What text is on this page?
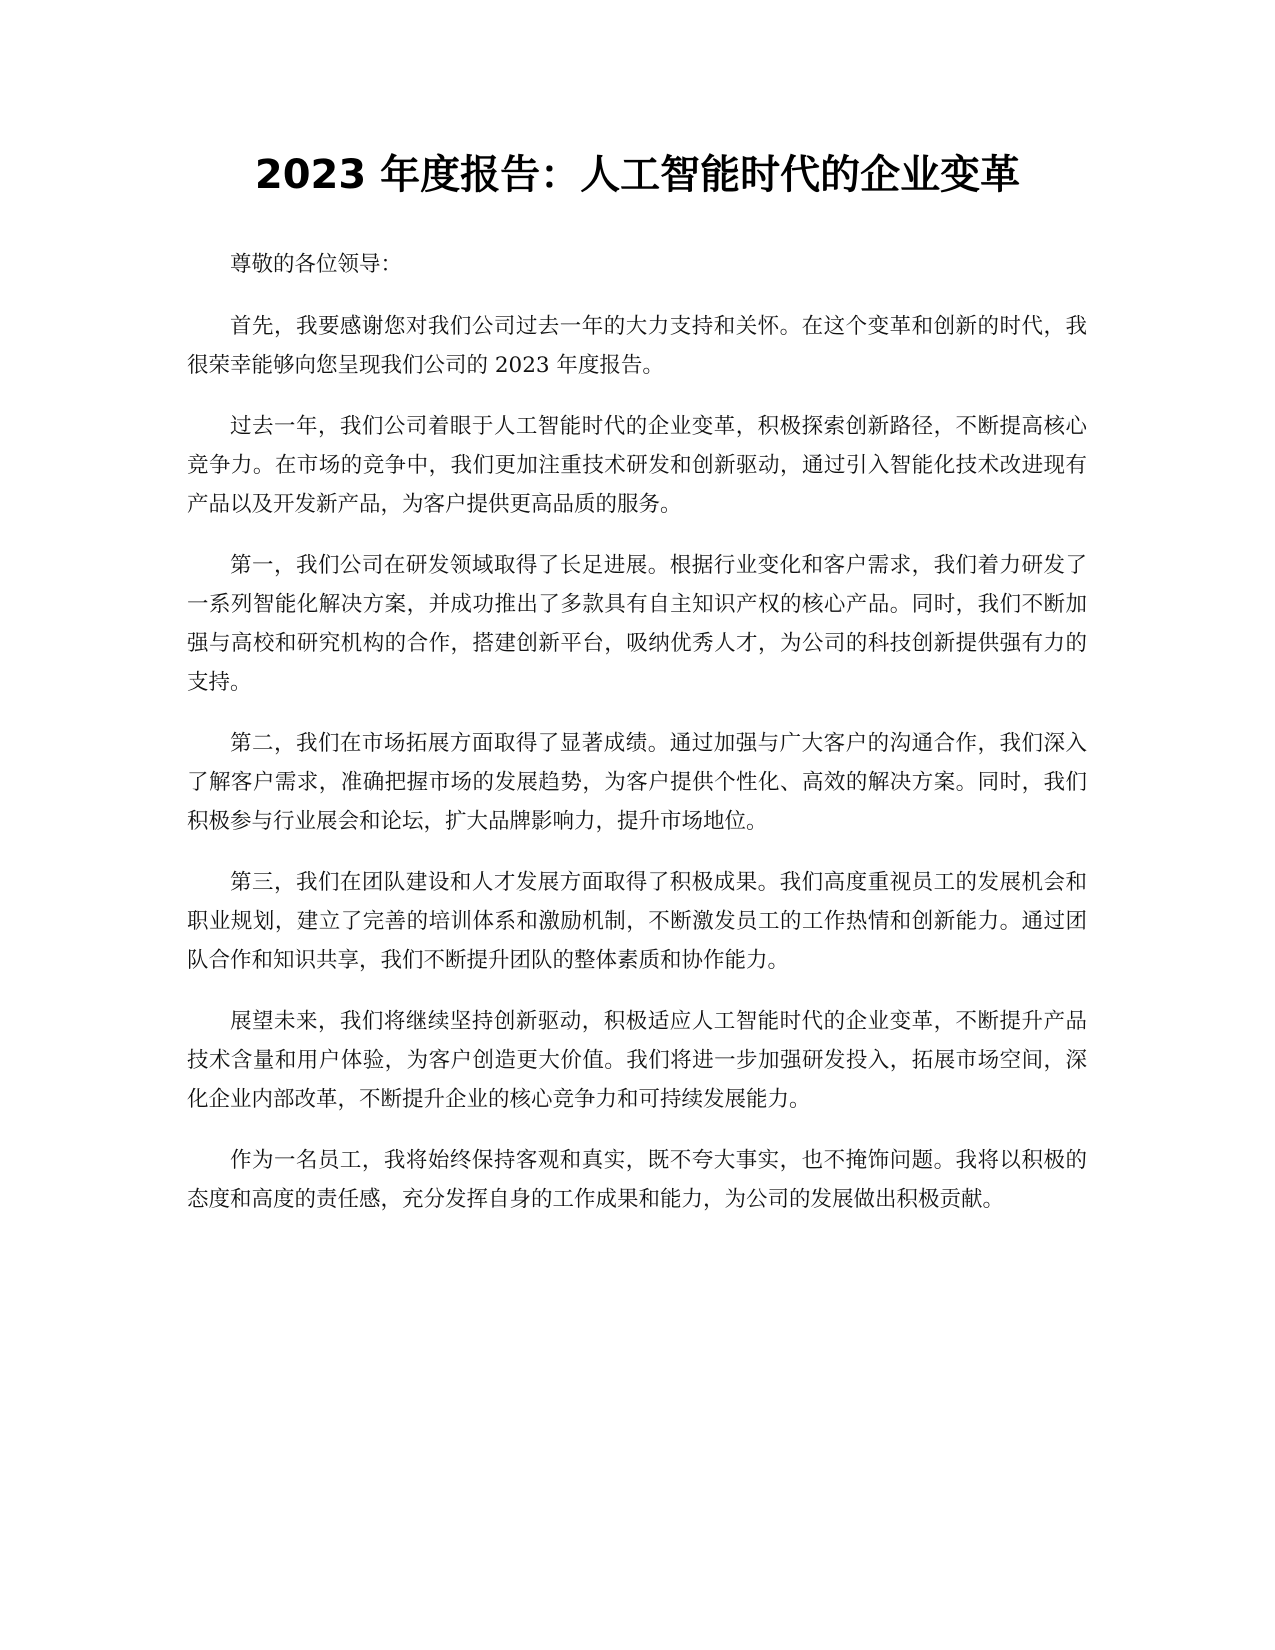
2023 年度报告：人工智能时代的企业变革

尊敬的各位领导：

首先，我要感谢您对我们公司过去一年的大力支持和关怀。在这个变革和创新的时代，我很荣幸能够向您呈现我们公司的 2023 年度报告。

过去一年，我们公司着眼于人工智能时代的企业变革，积极探索创新路径，不断提高核心竞争力。在市场的竞争中，我们更加注重技术研发和创新驱动，通过引入智能化技术改进现有产品以及开发新产品，为客户提供更高品质的服务。

第一，我们公司在研发领域取得了长足进展。根据行业变化和客户需求，我们着力研发了一系列智能化解决方案，并成功推出了多款具有自主知识产权的核心产品。同时，我们不断加强与高校和研究机构的合作，搭建创新平台，吸纳优秀人才，为公司的科技创新提供强有力的支持。

第二，我们在市场拓展方面取得了显著成绩。通过加强与广大客户的沟通合作，我们深入了解客户需求，准确把握市场的发展趋势，为客户提供个性化、高效的解决方案。同时，我们积极参与行业展会和论坛，扩大品牌影响力，提升市场地位。

第三，我们在团队建设和人才发展方面取得了积极成果。我们高度重视员工的发展机会和职业规划，建立了完善的培训体系和激励机制，不断激发员工的工作热情和创新能力。通过团队合作和知识共享，我们不断提升团队的整体素质和协作能力。

展望未来，我们将继续坚持创新驱动，积极适应人工智能时代的企业变革，不断提升产品技术含量和用户体验，为客户创造更大价值。我们将进一步加强研发投入，拓展市场空间，深化企业内部改革，不断提升企业的核心竞争力和可持续发展能力。

作为一名员工，我将始终保持客观和真实，既不夸大事实，也不掩饰问题。我将以积极的态度和高度的责任感，充分发挥自身的工作成果和能力，为公司的发展做出积极贡献。
